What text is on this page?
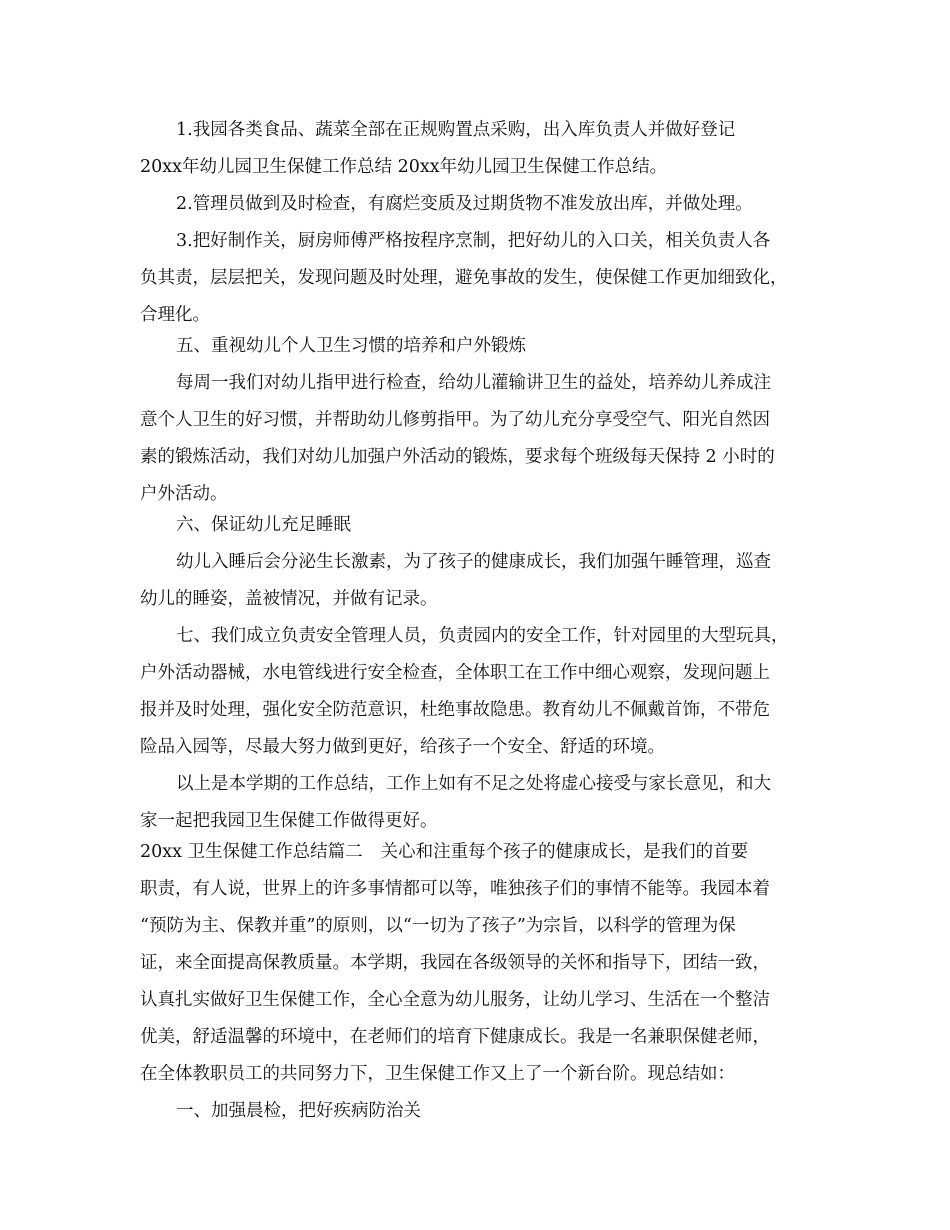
1.我园各类食品、蔬菜全部在正规购置点采购，出入库负责人并做好登记
20xx年幼儿园卫生保健工作总结 20xx年幼儿园卫生保健工作总结。
2.管理员做到及时检查，有腐烂变质及过期货物不准发放出库，并做处理。
3.把好制作关，厨房师傅严格按程序烹制，把好幼儿的入口关，相关负责人各
负其责，层层把关，发现问题及时处理，避免事故的发生，使保健工作更加细致化，
合理化。
五、重视幼儿个人卫生习惯的培养和户外锻炼
每周一我们对幼儿指甲进行检查，给幼儿灌输讲卫生的益处，培养幼儿养成注
意个人卫生的好习惯，并帮助幼儿修剪指甲。为了幼儿充分享受空气、阳光自然因
素的锻炼活动，我们对幼儿加强户外活动的锻炼，要求每个班级每天保持 2 小时的
户外活动。
六、保证幼儿充足睡眠
幼儿入睡后会分泌生长激素，为了孩子的健康成长，我们加强午睡管理，巡查
幼儿的睡姿，盖被情况，并做有记录。
七、我们成立负责安全管理人员，负责园内的安全工作，针对园里的大型玩具，
户外活动器械，水电管线进行安全检查，全体职工在工作中细心观察，发现问题上
报并及时处理，强化安全防范意识，杜绝事故隐患。教育幼儿不佩戴首饰，不带危
险品入园等，尽最大努力做到更好，给孩子一个安全、舒适的环境。
以上是本学期的工作总结，工作上如有不足之处将虚心接受与家长意见，和大
家一起把我园卫生保健工作做得更好。
20xx 卫生保健工作总结篇二 关心和注重每个孩子的健康成长，是我们的首要
职责，有人说，世界上的许多事情都可以等，唯独孩子们的事情不能等。我园本着
“预防为主、保教并重”的原则，以“一切为了孩子”为宗旨，以科学的管理为保
证，来全面提高保教质量。本学期，我园在各级领导的关怀和指导下，团结一致，
认真扎实做好卫生保健工作，全心全意为幼儿服务，让幼儿学习、生活在一个整洁
优美，舒适温馨的环境中，在老师们的培育下健康成长。我是一名兼职保健老师，
在全体教职员工的共同努力下，卫生保健工作又上了一个新台阶。现总结如：
一、加强晨检，把好疾病防治关
